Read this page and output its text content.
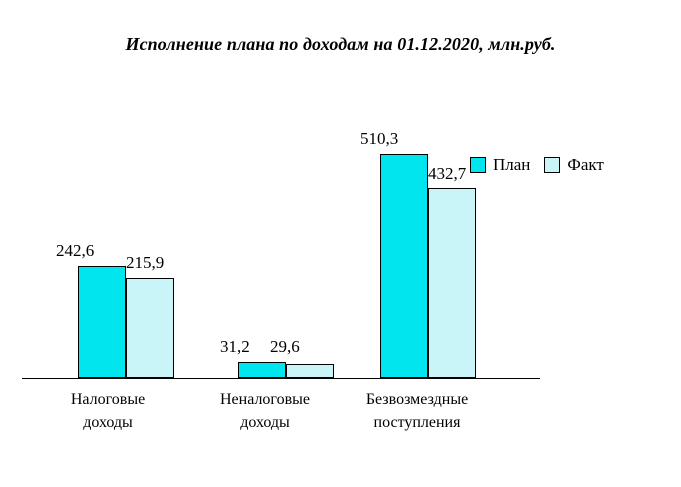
Исполнение плана по доходам на 01.12.2020, млн.руб.
242,6
215,9
31,2 29,6
510,3
432,7
Налоговые
доходы
Неналоговые
доходы
Безвозмездные
поступления
План Факт
